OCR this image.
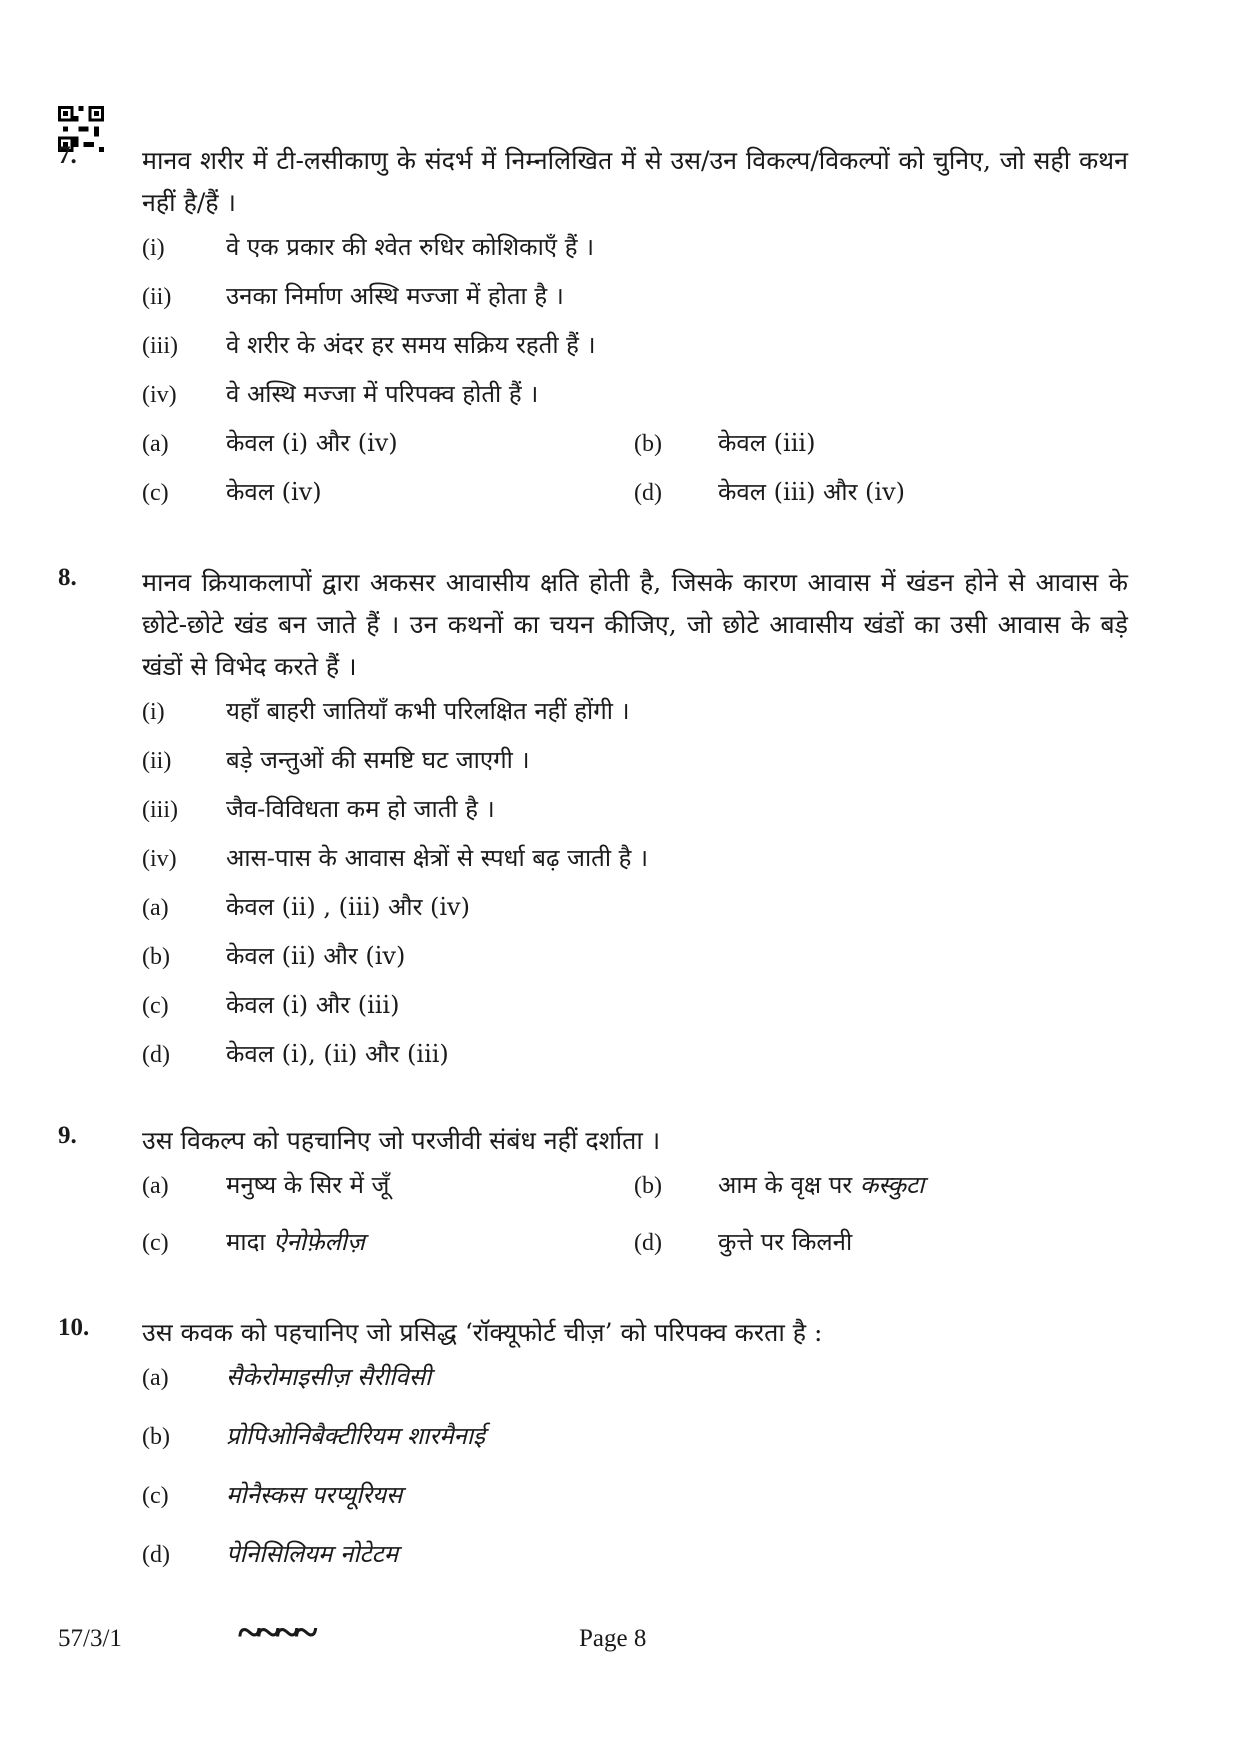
7.	मानव शरीर में टी-लसीकाणु के संदर्भ में निम्नलिखित में से उस/उन विकल्प/विकल्पों को चुनिए, जो सही कथन नहीं है/हैं ।
(i)	वे एक प्रकार की श्वेत रुधिर कोशिकाएँ हैं ।
(ii)	उनका निर्माण अस्थि मज्जा में होता है ।
(iii)	वे शरीर के अंदर हर समय सक्रिय रहती हैं ।
(iv)	वे अस्थि मज्जा में परिपक्व होती हैं ।
(a)	केवल (i) और (iv)	(b)	केवल (iii)
(c)	केवल (iv)	(d)	केवल (iii) और (iv)
8.	मानव क्रियाकलापों द्वारा अकसर आवासीय क्षति होती है, जिसके कारण आवास में खंडन होने से आवास के छोटे-छोटे खंड बन जाते हैं । उन कथनों का चयन कीजिए, जो छोटे आवासीय खंडों का उसी आवास के बड़े खंडों से विभेद करते हैं ।
(i)	यहाँ बाहरी जातियाँ कभी परिलक्षित नहीं होंगी ।
(ii)	बड़े जन्तुओं की समष्टि घट जाएगी ।
(iii)	जैव-विविधता कम हो जाती है ।
(iv)	आस-पास के आवास क्षेत्रों से स्पर्धा बढ़ जाती है ।
(a)	केवल (ii) , (iii) और (iv)
(b)	केवल (ii) और (iv)
(c)	केवल (i) और (iii)
(d)	केवल (i), (ii) और (iii)
9.	उस विकल्प को पहचानिए जो परजीवी संबंध नहीं दर्शाता ।
(a)	मनुष्य के सिर में जूँ	(b)	आम के वृक्ष पर कस्कुटा
(c)	मादा ऐनोफ़ेलीज़	(d)	कुत्ते पर किलनी
10. उस कवक को पहचानिए जो प्रसिद्ध ‘रॉक्यूफोर्ट चीज़’ को परिपक्व करता है :
(a)	सैकेरोमाइसीज़ सैरीविसी
(b)	प्रोपिओनिबैक्टीरियम शारमैनाई
(c)	मोनैस्कस परप्यूरियस
(d)	पेनिसिलियम नोटेटम
57/3/1	~~~~	Page 8
